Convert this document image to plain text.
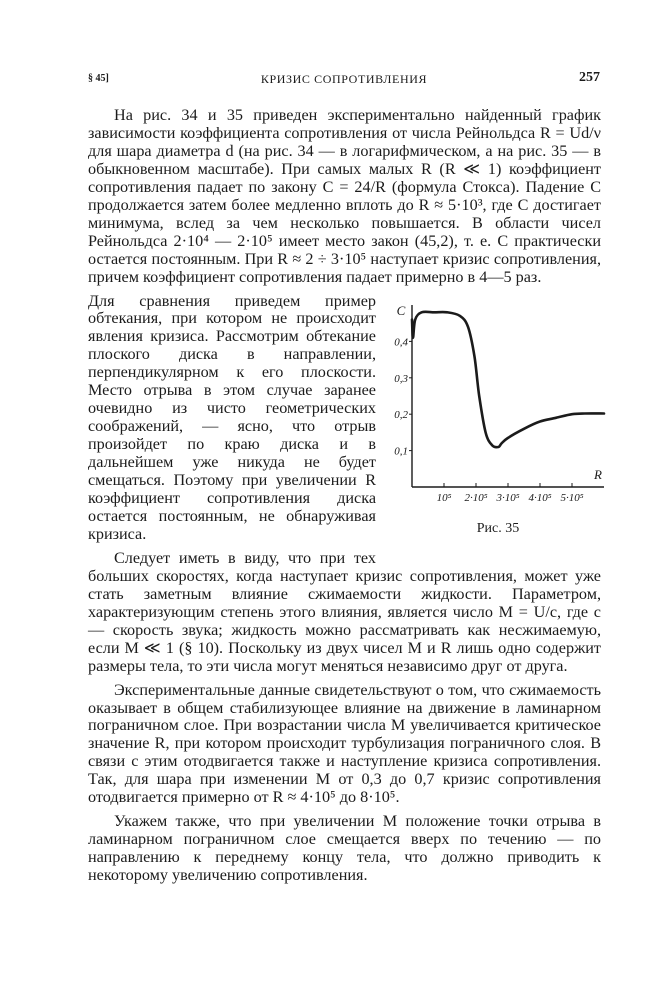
§ 45]	КРИЗИС СОПРОТИВЛЕНИЯ	257

На рис. 34 и 35 приведен экспериментально найденный график зависимости коэффициента сопротивления от числа Рейнольдса R = Ud/ν для шара диаметра d (на рис. 34 — в логарифмическом, а на рис. 35 — в обыкновенном масштабе). При самых малых R (R ≪ 1) коэффициент сопротивления падает по закону C = 24/R (формула Стокса). Падение C продолжается затем более медленно вплоть до R ≈ 5·10³, где C достигает минимума, вслед за чем несколько повышается. В области чисел Рейнольдса 2·10⁴ — 2·10⁵ имеет место закон (45,2), т. е. C практически остается постоянным. При R ≈ 2 ÷ 3·10⁵ наступает кризис сопротивления, причем коэффициент сопротивления падает примерно в 4—5 раз.

C
R
0,1
0,2
0,3
0,4
10⁵ 2·10⁵ 3·10⁵ 4·10⁵ 5·10⁵
Рис. 35

Для сравнения приведем пример обтекания, при котором не происходит явления кризиса. Рассмотрим обтекание плоского диска в направлении, перпендикулярном к его плоскости. Место отрыва в этом случае заранее очевидно из чисто геометрических соображений, — ясно, что отрыв произойдет по краю диска и в дальнейшем уже никуда не будет смещаться. Поэтому при увеличении R коэффициент сопротивления диска остается постоянным, не обнаруживая кризиса.

Следует иметь в виду, что при тех больших скоростях, когда наступает кризис сопротивления, может уже стать заметным влияние сжимаемости жидкости. Параметром, характеризующим степень этого влияния, является число M = U/c, где c — скорость звука; жидкость можно рассматривать как несжимаемую, если M ≪ 1 (§ 10). Поскольку из двух чисел M и R лишь одно содержит размеры тела, то эти числа могут меняться независимо друг от друга.

Экспериментальные данные свидетельствуют о том, что сжимаемость оказывает в общем стабилизующее влияние на движение в ламинарном пограничном слое. При возрастании числа M увеличивается критическое значение R, при котором происходит турбулизация пограничного слоя. В связи с этим отодвигается также и наступление кризиса сопротивления. Так, для шара при изменении M от 0,3 до 0,7 кризис сопротивления отодвигается примерно от R ≈ 4·10⁵ до 8·10⁵.

Укажем также, что при увеличении M положение точки отрыва в ламинарном пограничном слое смещается вверх по течению — по направлению к переднему концу тела, что должно приводить к некоторому увеличению сопротивления.
